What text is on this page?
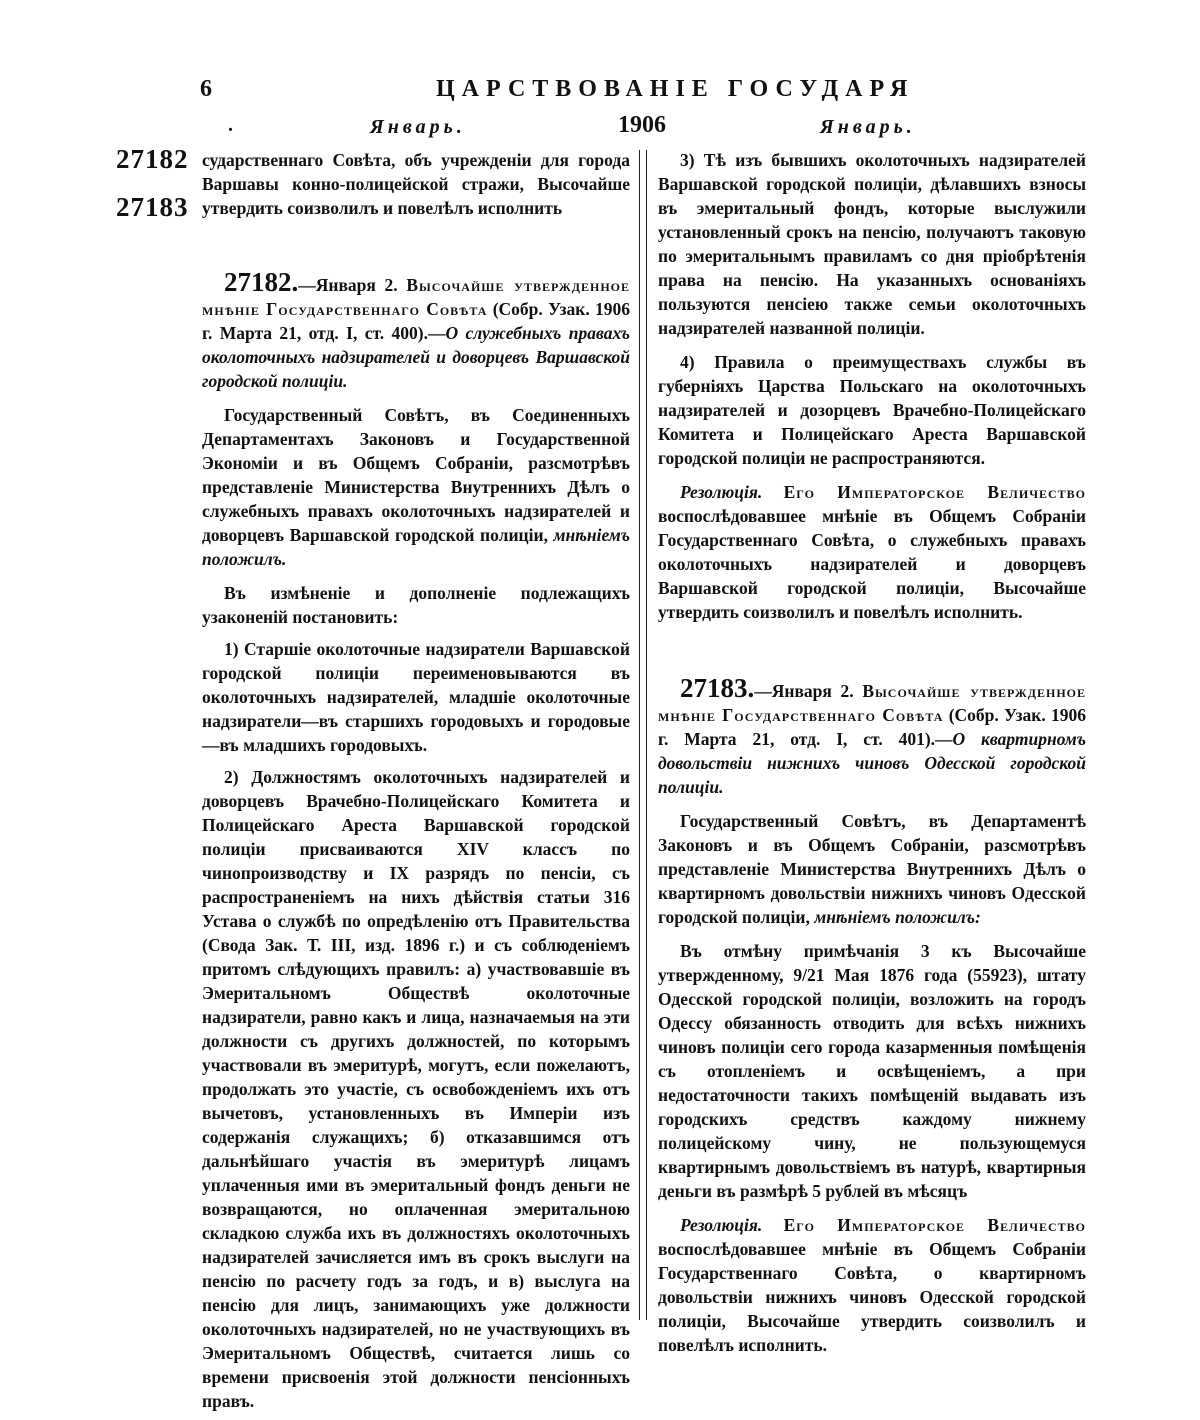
6	ЦАРСТВОВАНІЕ ГОСУДАРЯ
.	Январь.	1906	Январь.
27182
27183

сударственнаго Совѣта, объ учрежденіи для города Варшавы конно-полицейской стражи, Высочайше утвердить соизволилъ и повелѣлъ исполнить

27182.—Января 2. Высочайше утвержденное мнѣніе Государственнаго Совѣта (Собр. Узак. 1906 г. Марта 21, отд. I, ст. 400).—О служебныхъ правахъ околоточныхъ надзирателей и доворцевъ Варшавской городской полиціи.

Государственный Совѣтъ, въ Соединенныхъ Департаментахъ Законовъ и Государственной Экономіи и въ Общемъ Собраніи, разсмотрѣвъ представленіе Министерства Внутреннихъ Дѣлъ о служебныхъ правахъ околоточныхъ надзирателей и доворцевъ Варшавской городской полиціи, мнѣніемъ положилъ.

Въ измѣненіе и дополненіе подлежащихъ узаконеній постановить:

1) Старшіе околоточные надзиратели Варшавской городской полиціи переименовываются въ околоточныхъ надзирателей, младшіе околоточные надзиратели—въ старшихъ городовыхъ и городовые—въ младшихъ городовыхъ.

2) Должностямъ околоточныхъ надзирателей и доворцевъ Врачебно-Полицейскаго Комитета и Полицейскаго Ареста Варшавской городской полиціи присваиваются XIV классъ по чинопроизводству и IX разрядъ по пенсіи, съ распространеніемъ на нихъ дѣйствія статьи 316 Устава о службѣ по опредѣленію отъ Правительства (Свода Зак. Т. III, изд. 1896 г.) и съ соблюденіемъ притомъ слѣдующихъ правилъ: а) участвовавшіе въ Эмеритальномъ Обществѣ околоточные надзиратели, равно какъ и лица, назначаемыя на эти должности съ другихъ должностей, по которымъ участвовали въ эмеритурѣ, могутъ, если пожелаютъ, продолжать это участіе, съ освобожденіемъ ихъ отъ вычетовъ, установленныхъ въ Имперіи изъ содержанія служащихъ; б) отказавшимся отъ дальнѣйшаго участія въ эмеритурѣ лицамъ уплаченныя ими въ эмеритальный фондъ деньги не возвращаются, но оплаченная эмеритальною складкою служба ихъ въ должностяхъ околоточныхъ надзирателей зачисляется имъ въ срокъ выслуги на пенсію по расчету годъ за годъ, и в) выслуга на пенсію для лицъ, занимающихъ уже должности околоточныхъ надзирателей, но не участвующихъ въ Эмеритальномъ Обществѣ, считается лишь со времени присвоенія этой должности пенсіонныхъ правъ.

3) Тѣ изъ бывшихъ околоточныхъ надзирателей Варшавской городской полиціи, дѣлавшихъ взносы въ эмеритальный фондъ, которые выслужили установленный срокъ на пенсію, получаютъ таковую по эмеритальнымъ правиламъ со дня пріобрѣтенія права на пенсію. На указанныхъ основаніяхъ пользуются пенсіею также семьи околоточныхъ надзирателей названной полиціи.

4) Правила о преимуществахъ службы въ губерніяхъ Царства Польскаго на околоточныхъ надзирателей и дозорцевъ Врачебно-Полицейскаго Комитета и Полицейскаго Ареста Варшавской городской полиціи не распространяются.

Резолюція. Его Императорское Величество воспослѣдовавшее мнѣніе въ Общемъ Собраніи Государственнаго Совѣта, о служебныхъ правахъ околоточныхъ надзирателей и доворцевъ Варшавской городской полиціи, Высочайше утвердить соизволилъ и повелѣлъ исполнить.

27183.—Января 2. Высочайше утвержденное мнѣніе Государственнаго Совѣта (Собр. Узак. 1906 г. Марта 21, отд. I, ст. 401).—О квартирномъ довольствіи нижнихъ чиновъ Одесской городской полиціи.

Государственный Совѣтъ, въ Департаментѣ Законовъ и въ Общемъ Собраніи, разсмотрѣвъ представленіе Министерства Внутреннихъ Дѣлъ о квартирномъ довольствіи нижнихъ чиновъ Одесской городской полиціи, мнѣніемъ положилъ:

Въ отмѣну примѣчанія 3 къ Высочайше утвержденному, 9/21 Мая 1876 года (55923), штату Одесской городской полиціи, возложить на городъ Одессу обязанность отводить для всѣхъ нижнихъ чиновъ полиціи сего города казарменныя помѣщенія съ отопленіемъ и освѣщеніемъ, а при недостаточности такихъ помѣщеній выдавать изъ городскихъ средствъ каждому нижнему полицейскому чину, не пользующемуся квартирнымъ довольствіемъ въ натурѣ, квартирныя деньги въ размѣрѣ 5 рублей въ мѣсяцъ

Резолюція. Его Императорское Величество воспослѣдовавшее мнѣніе въ Общемъ Собраніи Государственнаго Совѣта, о квартирномъ довольствіи нижнихъ чиновъ Одесской городской полиціи, Высочайше утвердить соизволилъ и повелѣлъ исполнить.
